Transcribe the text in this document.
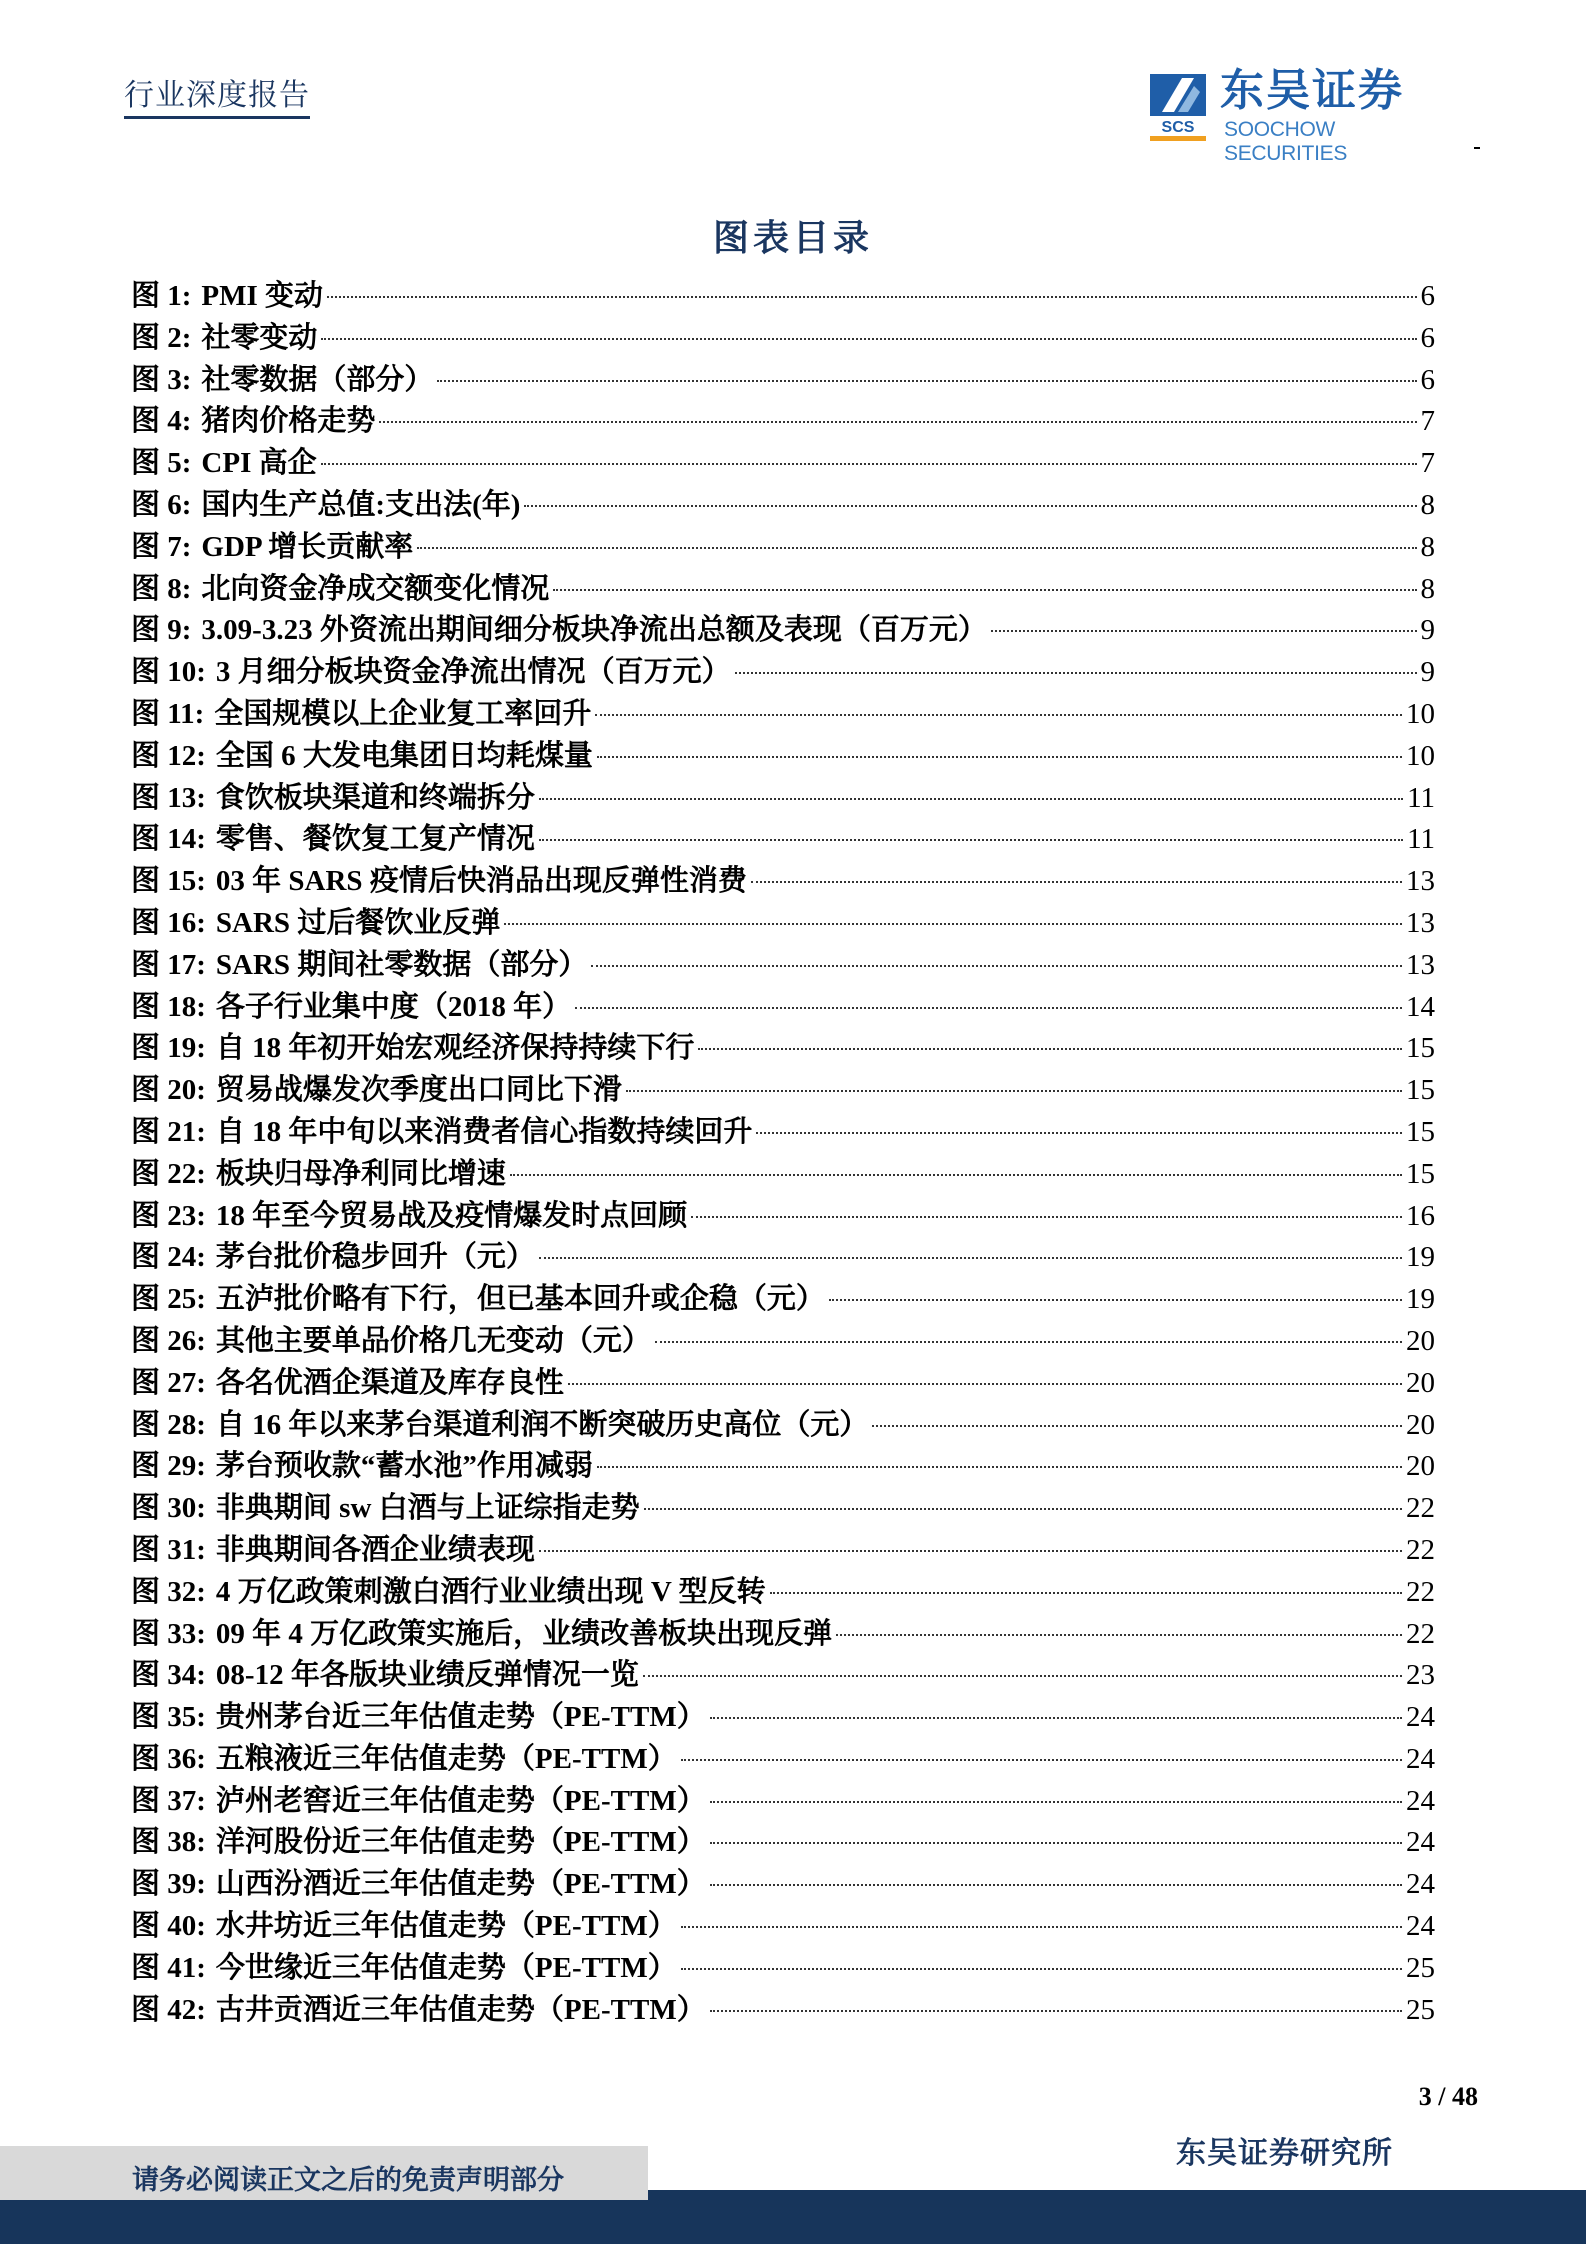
行业深度报告
SCS
东吴证券
SOOCHOW SECURITIES
图表目录
图 1: PMI 变动	6
图 2: 社零变动	6
图 3: 社零数据（部分）	6
图 4: 猪肉价格走势	7
图 5: CPI 高企	7
图 6: 国内生产总值:支出法(年)	8
图 7: GDP 增长贡献率	8
图 8: 北向资金净成交额变化情况	8
图 9: 3.09-3.23 外资流出期间细分板块净流出总额及表现（百万元）	9
图 10: 3 月细分板块资金净流出情况（百万元）	9
图 11: 全国规模以上企业复工率回升	10
图 12: 全国 6 大发电集团日均耗煤量	10
图 13: 食饮板块渠道和终端拆分	11
图 14: 零售、餐饮复工复产情况	11
图 15: 03 年 SARS 疫情后快消品出现反弹性消费	13
图 16: SARS 过后餐饮业反弹	13
图 17: SARS 期间社零数据（部分）	13
图 18: 各子行业集中度（2018 年）	14
图 19: 自 18 年初开始宏观经济保持持续下行	15
图 20: 贸易战爆发次季度出口同比下滑	15
图 21: 自 18 年中旬以来消费者信心指数持续回升	15
图 22: 板块归母净利同比增速	15
图 23: 18 年至今贸易战及疫情爆发时点回顾	16
图 24: 茅台批价稳步回升（元）	19
图 25: 五泸批价略有下行，但已基本回升或企稳（元）	19
图 26: 其他主要单品价格几无变动（元）	20
图 27: 各名优酒企渠道及库存良性	20
图 28: 自 16 年以来茅台渠道利润不断突破历史高位（元）	20
图 29: 茅台预收款“蓄水池”作用减弱	20
图 30: 非典期间 sw 白酒与上证综指走势	22
图 31: 非典期间各酒企业绩表现	22
图 32: 4 万亿政策刺激白酒行业业绩出现 V 型反转	22
图 33: 09 年 4 万亿政策实施后，业绩改善板块出现反弹	22
图 34: 08-12 年各版块业绩反弹情况一览	23
图 35: 贵州茅台近三年估值走势（PE-TTM）	24
图 36: 五粮液近三年估值走势（PE-TTM）	24
图 37: 泸州老窖近三年估值走势（PE-TTM）	24
图 38: 洋河股份近三年估值走势（PE-TTM）	24
图 39: 山西汾酒近三年估值走势（PE-TTM）	24
图 40: 水井坊近三年估值走势（PE-TTM）	24
图 41: 今世缘近三年估值走势（PE-TTM）	25
图 42: 古井贡酒近三年估值走势（PE-TTM）	25
3 / 48
东吴证券研究所
请务必阅读正文之后的免责声明部分
